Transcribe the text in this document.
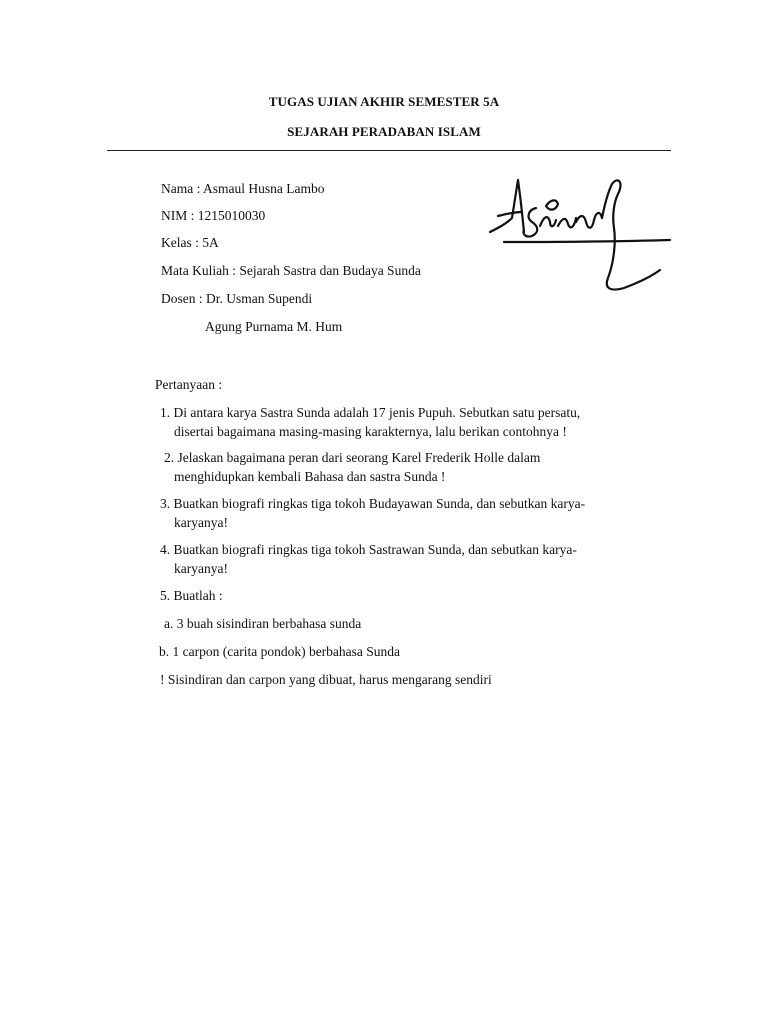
TUGAS UJIAN AKHIR SEMESTER 5A
SEJARAH PERADABAN ISLAM
Nama : Asmaul Husna Lambo
NIM : 1215010030
Kelas : 5A
Mata Kuliah : Sejarah Sastra dan Budaya Sunda
Dosen : Dr. Usman Supendi
Agung Purnama M. Hum
Pertanyaan :
1. Di antara karya Sastra Sunda adalah 17 jenis Pupuh. Sebutkan satu persatu,
disertai bagaimana masing-masing karakternya, lalu berikan contohnya !
2. Jelaskan bagaimana peran dari seorang Karel Frederik Holle dalam
menghidupkan kembali Bahasa dan sastra Sunda !
3. Buatkan biografi ringkas tiga tokoh Budayawan Sunda, dan sebutkan karya-
karyanya!
4. Buatkan biografi ringkas tiga tokoh Sastrawan Sunda, dan sebutkan karya-
karyanya!
5. Buatlah :
a. 3 buah sisindiran berbahasa sunda
b. 1 carpon (carita pondok) berbahasa Sunda
! Sisindiran dan carpon yang dibuat, harus mengarang sendiri
